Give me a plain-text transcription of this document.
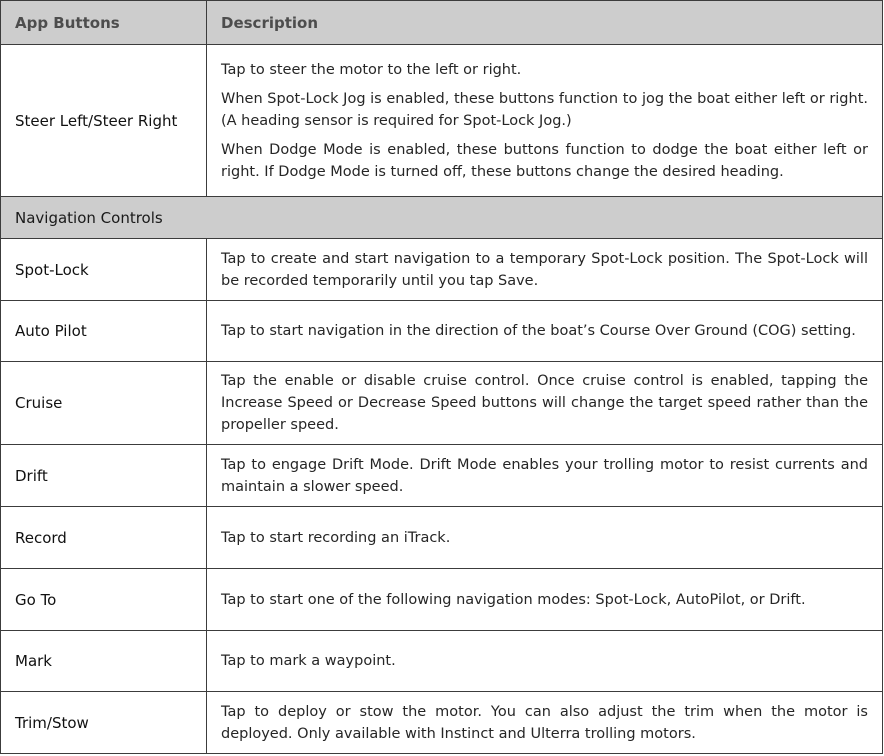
App Buttons	Description
Steer Left/Steer Right	Tap to steer the motor to the left or right.

When Spot-Lock Jog is enabled, these buttons function to jog the boat either left or right. (A heading sensor is required for Spot-Lock Jog.)

When Dodge Mode is enabled, these buttons function to dodge the boat either left or right. If Dodge Mode is turned off, these buttons change the desired heading.

Navigation Controls	
Spot-Lock	Tap to create and start navigation to a temporary Spot-Lock position. The Spot-Lock will be recorded temporarily until you tap Save.
Auto Pilot	Tap to start navigation in the direction of the boat’s Course Over Ground (COG) setting.
Cruise	Tap the enable or disable cruise control. Once cruise control is enabled, tapping the Increase Speed or Decrease Speed buttons will change the target speed rather than the propeller speed.
Drift	Tap to engage Drift Mode. Drift Mode enables your trolling motor to resist currents and maintain a slower speed.
Record	Tap to start recording an iTrack.
Go To	Tap to start one of the following navigation modes: Spot-Lock, AutoPilot, or Drift.
Mark	Tap to mark a waypoint.
Trim/Stow	Tap to deploy or stow the motor. You can also adjust the trim when the motor is deployed. Only available with Instinct and Ulterra trolling motors.
